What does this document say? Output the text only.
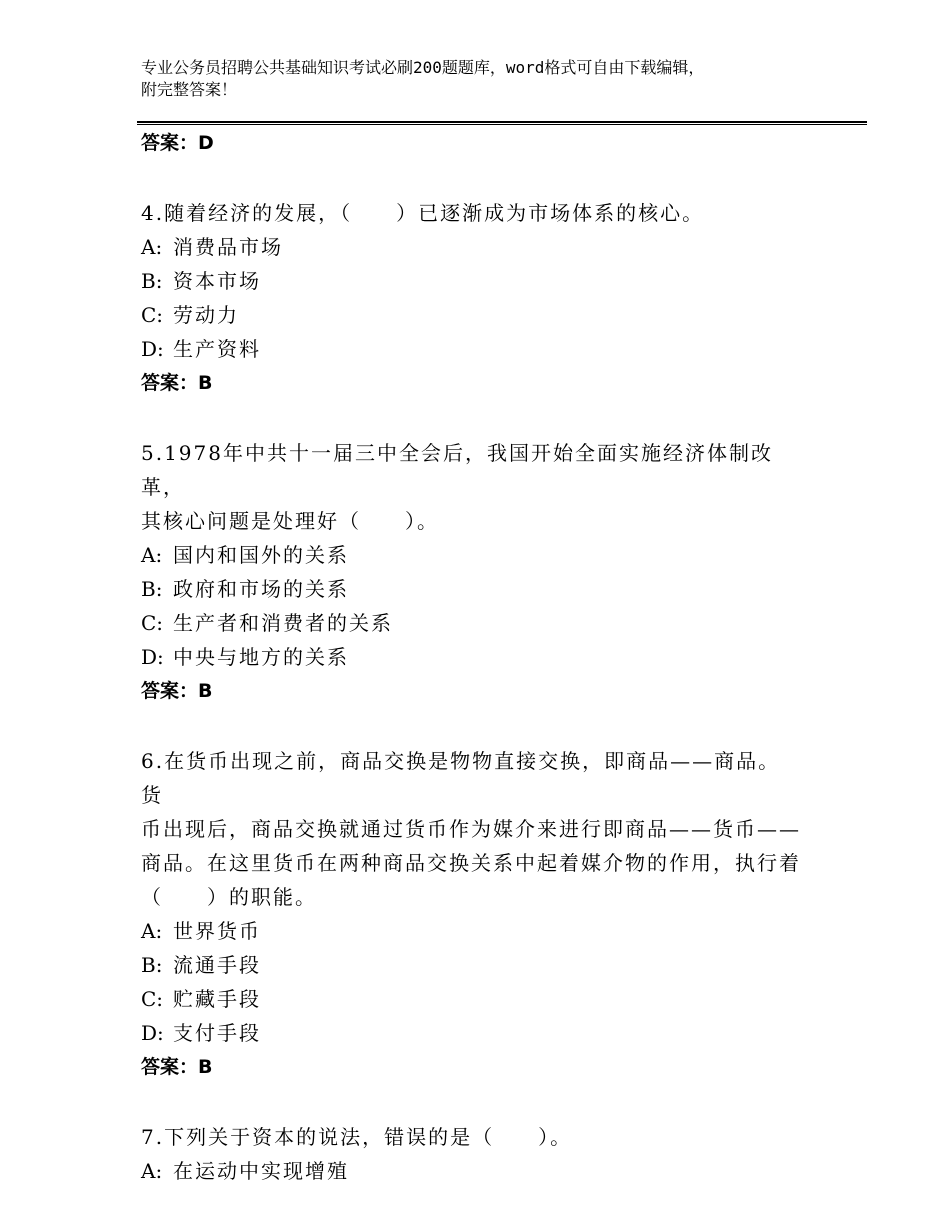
专业公务员招聘公共基础知识考试必刷200题题库，word格式可自由下载编辑，
附完整答案！
答案：D
4.随着经济的发展，（　　）已逐渐成为市场体系的核心。
A: 消费品市场
B: 资本市场
C: 劳动力
D: 生产资料
答案：B
5.1978年中共十一届三中全会后，我国开始全面实施经济体制改革，
其核心问题是处理好（　　）。
A: 国内和国外的关系
B: 政府和市场的关系
C: 生产者和消费者的关系
D: 中央与地方的关系
答案：B
6.在货币出现之前，商品交换是物物直接交换，即商品——商品。货
币出现后，商品交换就通过货币作为媒介来进行即商品——货币——
商品。在这里货币在两种商品交换关系中起着媒介物的作用，执行着
（　　）的职能。
A: 世界货币
B: 流通手段
C: 贮藏手段
D: 支付手段
答案：B
7.下列关于资本的说法，错误的是（　　）。
A: 在运动中实现增殖
